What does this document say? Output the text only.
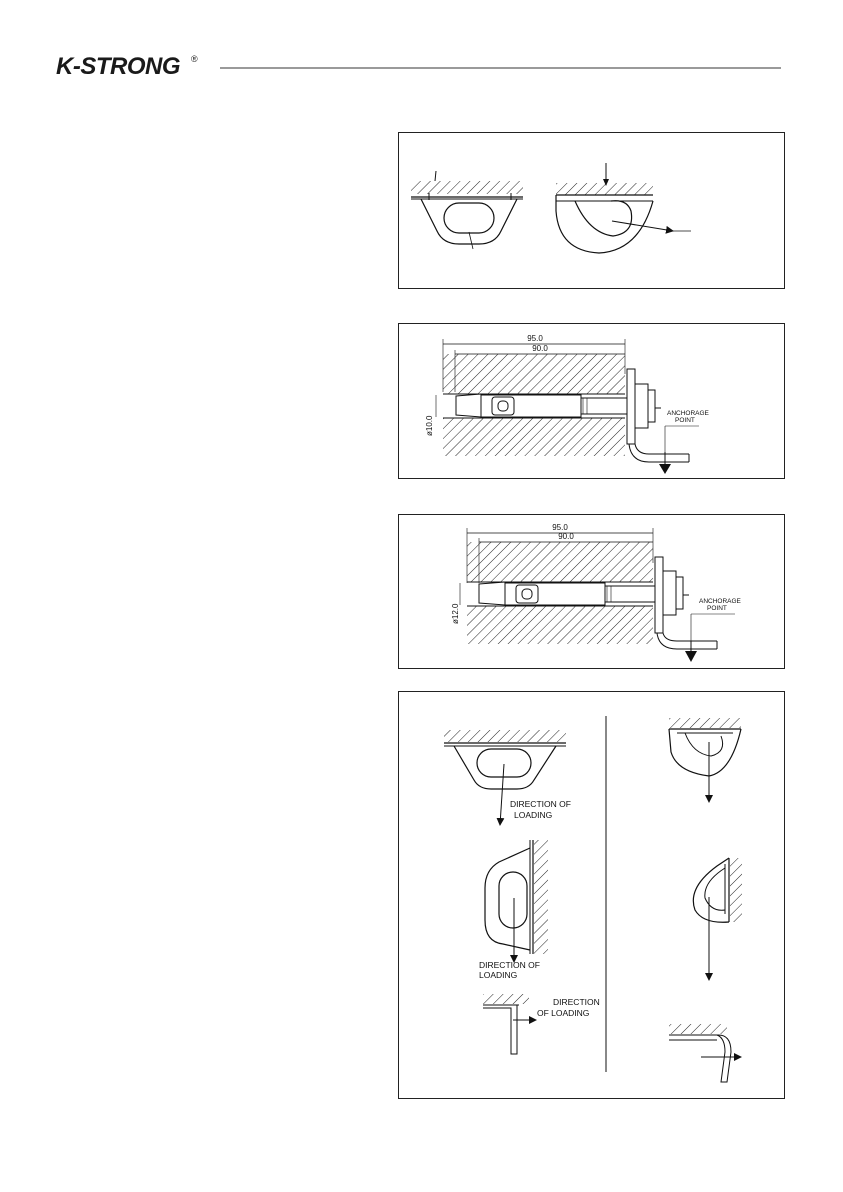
K-STRONG ®
95.0
90.0
ø10.0
ANCHORAGE
POINT
95.0
90.0
ø12.0
ANCHORAGE
POINT
DIRECTION OF
LOADING
DIRECTION OF
LOADING
DIRECTION
OF LOADING
